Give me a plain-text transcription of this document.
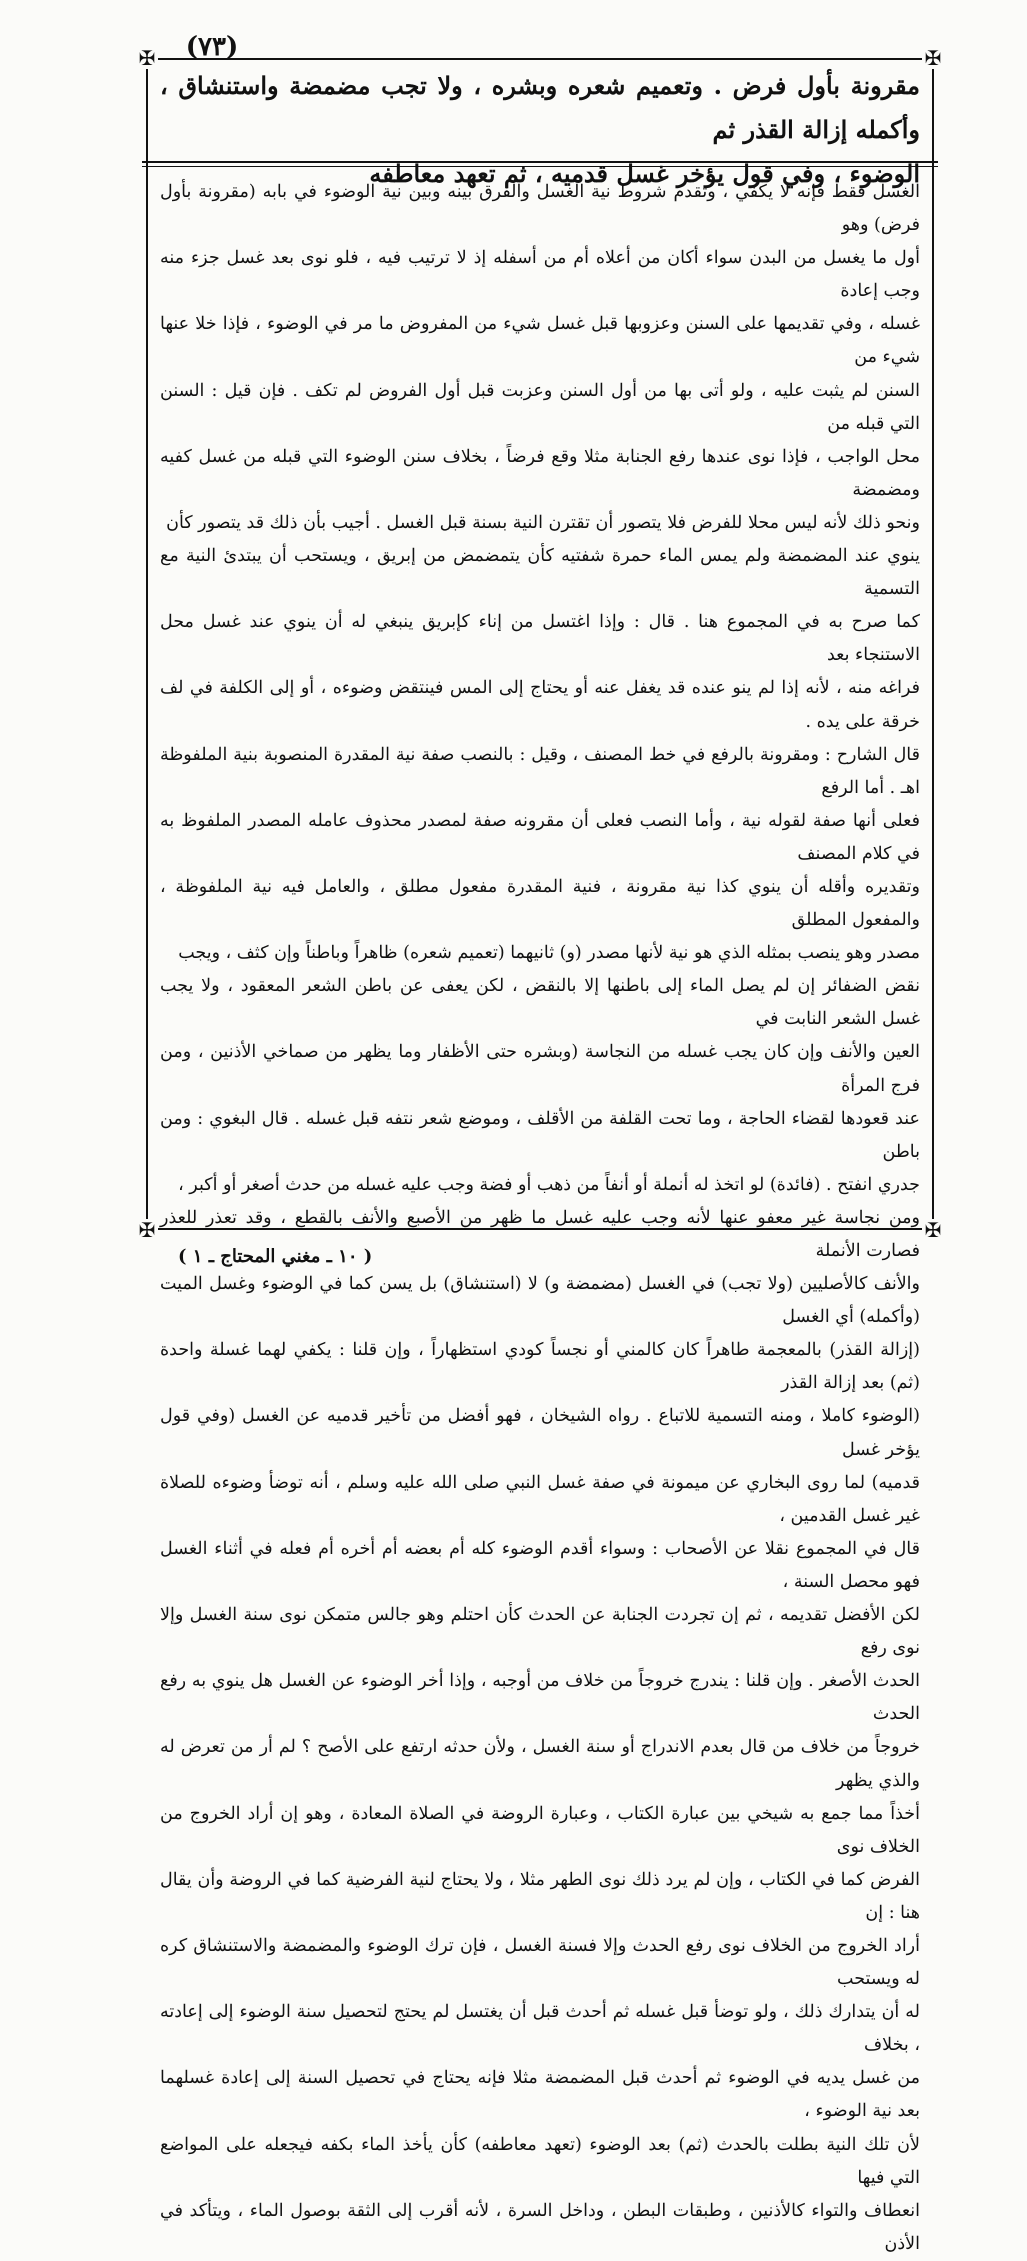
(٧٣)
✠	✠
✠	✠

مقرونة بأول فرض . وتعميم شعره وبشره ، ولا تجب مضمضة واستنشاق ، وأكمله إزالة القذر ثم

الوضوء ، وفي قول يؤخر غسل قدميه ، ثم تعهد معاطفه

الغسل فقط فإنه لا يكفي ، وتقدم شروط نية الغسل والفرق بينه وبين نية الوضوء في بابه (مقرونة بأول فرض) وهو

أول ما يغسل من البدن سواء أكان من أعلاه أم من أسفله إذ لا ترتيب فيه ، فلو نوى بعد غسل جزء منه وجب إعادة

غسله ، وفي تقديمها على السنن وعزوبها قبل غسل شيء من المفروض ما مر في الوضوء ، فإذا خلا عنها شيء من

السنن لم يثبت عليه ، ولو أتى بها من أول السنن وعزبت قبل أول الفروض لم تكف . فإن قيل : السنن التي قبله من

محل الواجب ، فإذا نوى عندها رفع الجنابة مثلا وقع فرضاً ، بخلاف سنن الوضوء التي قبله من غسل كفيه ومضمضة

ونحو ذلك لأنه ليس محلا للفرض فلا يتصور أن تقترن النية بسنة قبل الغسل . أجيب بأن ذلك قد يتصور كأن

ينوي عند المضمضة ولم يمس الماء حمرة شفتيه كأن يتمضمض من إبريق ، ويستحب أن يبتدئ النية مع التسمية

كما صرح به في المجموع هنا . قال : وإذا اغتسل من إناء كإبريق ينبغي له أن ينوي عند غسل محل الاستنجاء بعد

فراغه منه ، لأنه إذا لم ينو عنده قد يغفل عنه أو يحتاج إلى المس فينتقض وضوءه ، أو إلى الكلفة في لف خرقة على يده .

قال الشارح : ومقرونة بالرفع في خط المصنف ، وقيل : بالنصب صفة نية المقدرة المنصوبة بنية الملفوظة اهـ . أما الرفع

فعلى أنها صفة لقوله نية ، وأما النصب فعلى أن مقرونه صفة لمصدر محذوف عامله المصدر الملفوظ به في كلام المصنف

وتقديره وأقله أن ينوي كذا نية مقرونة ، فنية المقدرة مفعول مطلق ، والعامل فيه نية الملفوظة ، والمفعول المطلق

مصدر وهو ينصب بمثله الذي هو نية لأنها مصدر (و) ثانيهما (تعميم شعره) ظاهراً وباطناً وإن كثف ، ويجب

نقض الضفائر إن لم يصل الماء إلى باطنها إلا بالنقض ، لكن يعفى عن باطن الشعر المعقود ، ولا يجب غسل الشعر النابت في

العين والأنف وإن كان يجب غسله من النجاسة (وبشره حتى الأظفار وما يظهر من صماخي الأذنين ، ومن فرج المرأة

عند قعودها لقضاء الحاجة ، وما تحت القلفة من الأقلف ، وموضع شعر نتفه قبل غسله . قال البغوي : ومن باطن

جدري انفتح . (فائدة) لو اتخذ له أنملة أو أنفاً من ذهب أو فضة وجب عليه غسله من حدث أصغر أو أكبر ،

ومن نجاسة غير معفو عنها لأنه وجب عليه غسل ما ظهر من الأصبع والأنف بالقطع ، وقد تعذر للعذر فصارت الأنملة

والأنف كالأصليين (ولا تجب) في الغسل (مضمضة و) لا (استنشاق) بل يسن كما في الوضوء وغسل الميت (وأكمله) أي الغسل

(إزالة القذر) بالمعجمة طاهراً كان كالمني أو نجساً كودي استظهاراً ، وإن قلنا : يكفي لهما غسلة واحدة (ثم) بعد إزالة القذر

(الوضوء كاملا ، ومنه التسمية للاتباع . رواه الشيخان ، فهو أفضل من تأخير قدميه عن الغسل (وفي قول يؤخر غسل

قدميه) لما روى البخاري عن ميمونة في صفة غسل النبي صلى الله عليه وسلم ، أنه توضأ وضوءه للصلاة غير غسل القدمين ،

قال في المجموع نقلا عن الأصحاب : وسواء أقدم الوضوء كله أم بعضه أم أخره أم فعله في أثناء الغسل فهو محصل السنة ،

لكن الأفضل تقديمه ، ثم إن تجردت الجنابة عن الحدث كأن احتلم وهو جالس متمكن نوى سنة الغسل وإلا نوى رفع

الحدث الأصغر . وإن قلنا : يندرج خروجاً من خلاف من أوجبه ، وإذا أخر الوضوء عن الغسل هل ينوي به رفع الحدث

خروجاً من خلاف من قال بعدم الاندراج أو سنة الغسل ، ولأن حدثه ارتفع على الأصح ؟ لم أر من تعرض له والذي يظهر

أخذاً مما جمع به شيخي بين عبارة الكتاب ، وعبارة الروضة في الصلاة المعادة ، وهو إن أراد الخروج من الخلاف نوى

الفرض كما في الكتاب ، وإن لم يرد ذلك نوى الطهر مثلا ، ولا يحتاج لنية الفرضية كما في الروضة وأن يقال هنا : إن

أراد الخروج من الخلاف نوى رفع الحدث وإلا فسنة الغسل ، فإن ترك الوضوء والمضمضة والاستنشاق كره له ويستحب

له أن يتدارك ذلك ، ولو توضأ قبل غسله ثم أحدث قبل أن يغتسل لم يحتج لتحصيل سنة الوضوء إلى إعادته ، بخلاف

من غسل يديه في الوضوء ثم أحدث قبل المضمضة مثلا فإنه يحتاج في تحصيل السنة إلى إعادة غسلهما بعد نية الوضوء ،

لأن تلك النية بطلت بالحدث (ثم) بعد الوضوء (تعهد معاطفه) كأن يأخذ الماء بكفه فيجعله على المواضع التي فيها

انعطاف والتواء كالأذنين ، وطبقات البطن ، وداخل السرة ، لأنه أقرب إلى الثقة بوصول الماء ، ويتأكد في الأذن

( ١٠ ـ مغني المحتاج ـ ١ )
